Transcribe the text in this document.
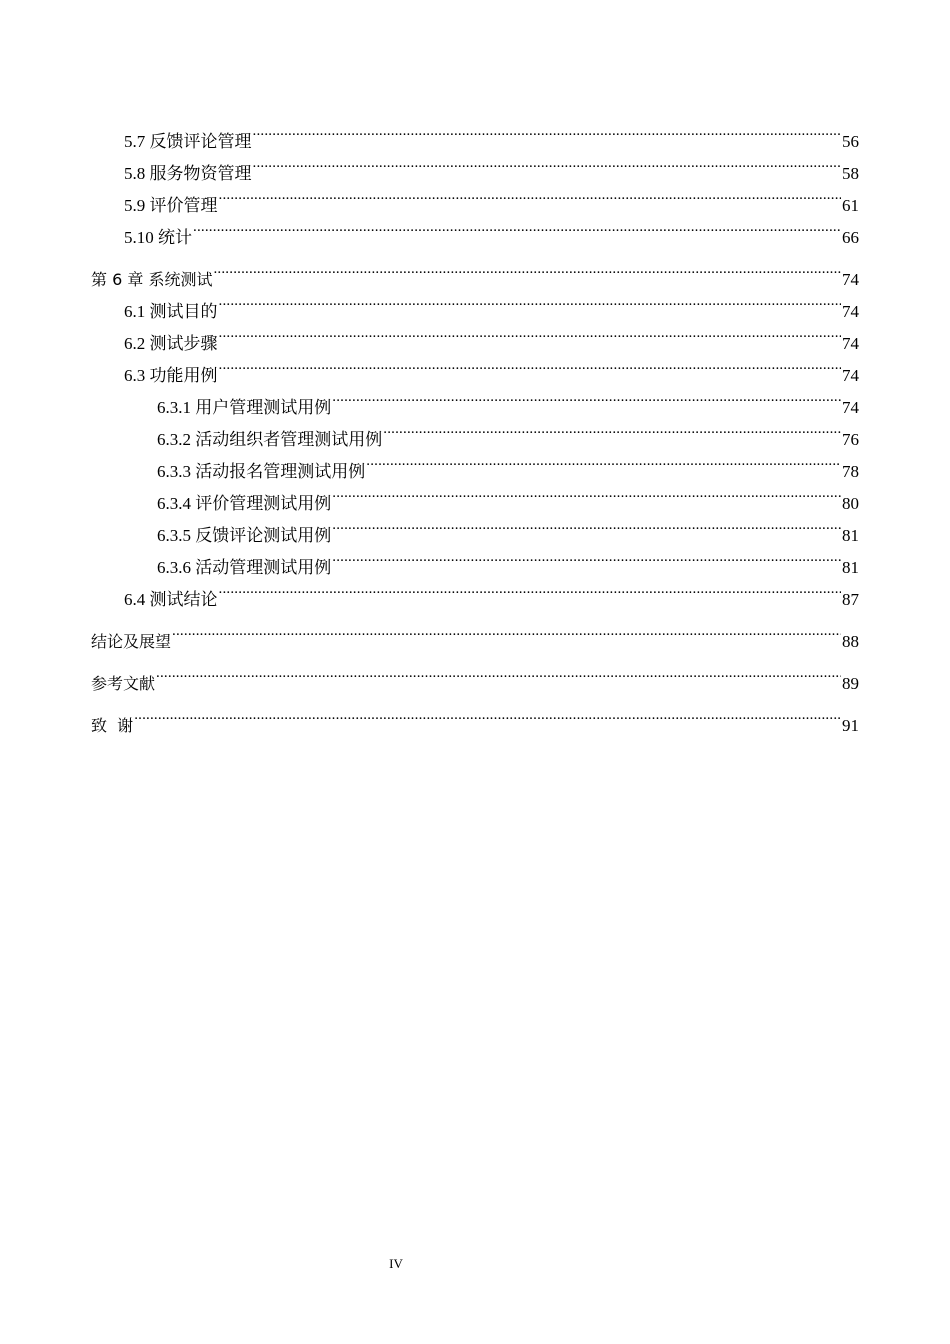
5.7 反馈评论管理 .....	56
5.8 服务物资管理 .....	58
5.9 评价管理 .....	61
5.10 统计 .....	66
第 6 章 系统测试 .....	74
6.1 测试目的 .....	74
6.2 测试步骤 .....	74
6.3 功能用例 .....	74
6.3.1 用户管理测试用例 .....	74
6.3.2 活动组织者管理测试用例 .....	76
6.3.3 活动报名管理测试用例 .....	78
6.3.4 评价管理测试用例 .....	80
6.3.5 反馈评论测试用例 .....	81
6.3.6 活动管理测试用例 .....	81
6.4 测试结论 .....	87
结论及展望 .....	88
参考文献 .....	89
致  谢 .....	91
IV
